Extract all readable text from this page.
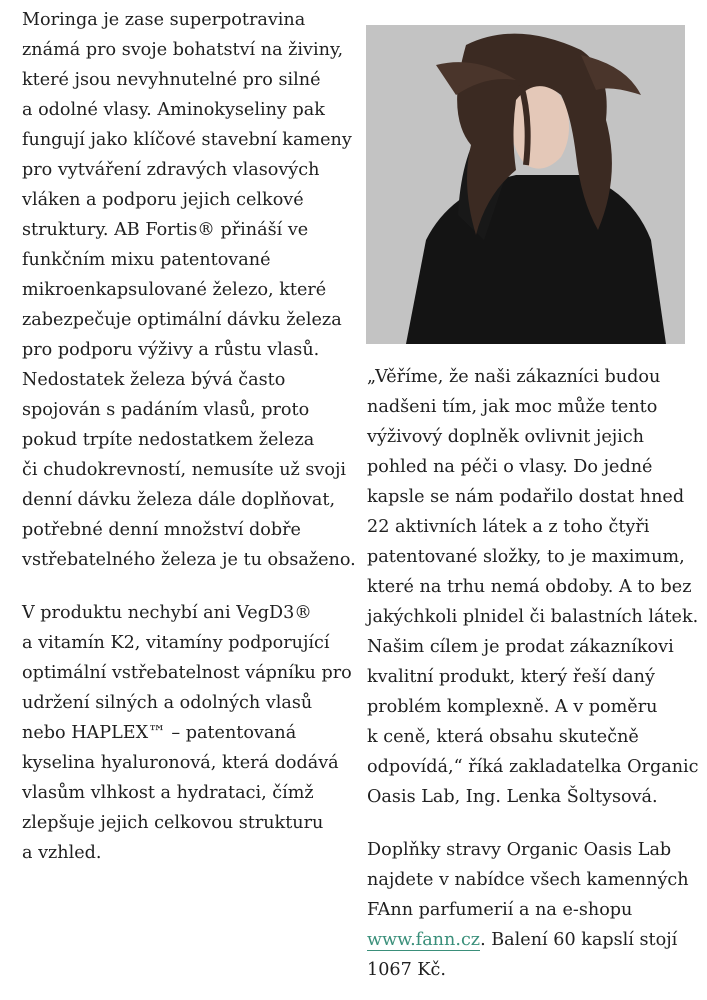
Moringa je zase superpotravina
známá pro svoje bohatství na živiny,
které jsou nevyhnutelné pro silné
a odolné vlasy. Aminokyseliny pak
fungují jako klíčové stavební kameny
pro vytváření zdravých vlasových
vláken a podporu jejich celkové
struktury. AB Fortis® přináší ve
funkčním mixu patentované
mikroenkapsulované železo, které
zabezpečuje optimální dávku železa
pro podporu výživy a růstu vlasů.
Nedostatek železa bývá často
spojován s padáním vlasů, proto
pokud trpíte nedostatkem železa
či chudokrevností, nemusíte už svoji
denní dávku železa dále doplňovat,
potřebné denní množství dobře
vstřebatelného železa je tu obsaženo.
V produktu nechybí ani VegD3®
a vitamín K2, vitamíny podporující
optimální vstřebatelnost vápníku pro
udržení silných a odolných vlasů
nebo HAPLEX™ – patentovaná
kyselina hyaluronová, která dodává
vlasům vlhkost a hydrataci, čímž
zlepšuje jejich celkovou strukturu
a vzhled.
„Věříme, že naši zákazníci budou
nadšeni tím, jak moc může tento
výživový doplněk ovlivnit jejich
pohled na péči o vlasy. Do jedné
kapsle se nám podařilo dostat hned
22 aktivních látek a z toho čtyři
patentované složky, to je maximum,
které na trhu nemá obdoby. A to bez
jakýchkoli plnidel či balastních látek.
Našim cílem je prodat zákazníkovi
kvalitní produkt, který řeší daný
problém komplexně. A v poměru
k ceně, která obsahu skutečně
odpovídá,“ říká zakladatelka Organic
Oasis Lab, Ing. Lenka Šoltysová.
Doplňky stravy Organic Oasis Lab
najdete v nabídce všech kamenných
FAnn parfumerií a na e-shopu
www.fann.cz. Balení 60 kapslí stojí
1067 Kč.
